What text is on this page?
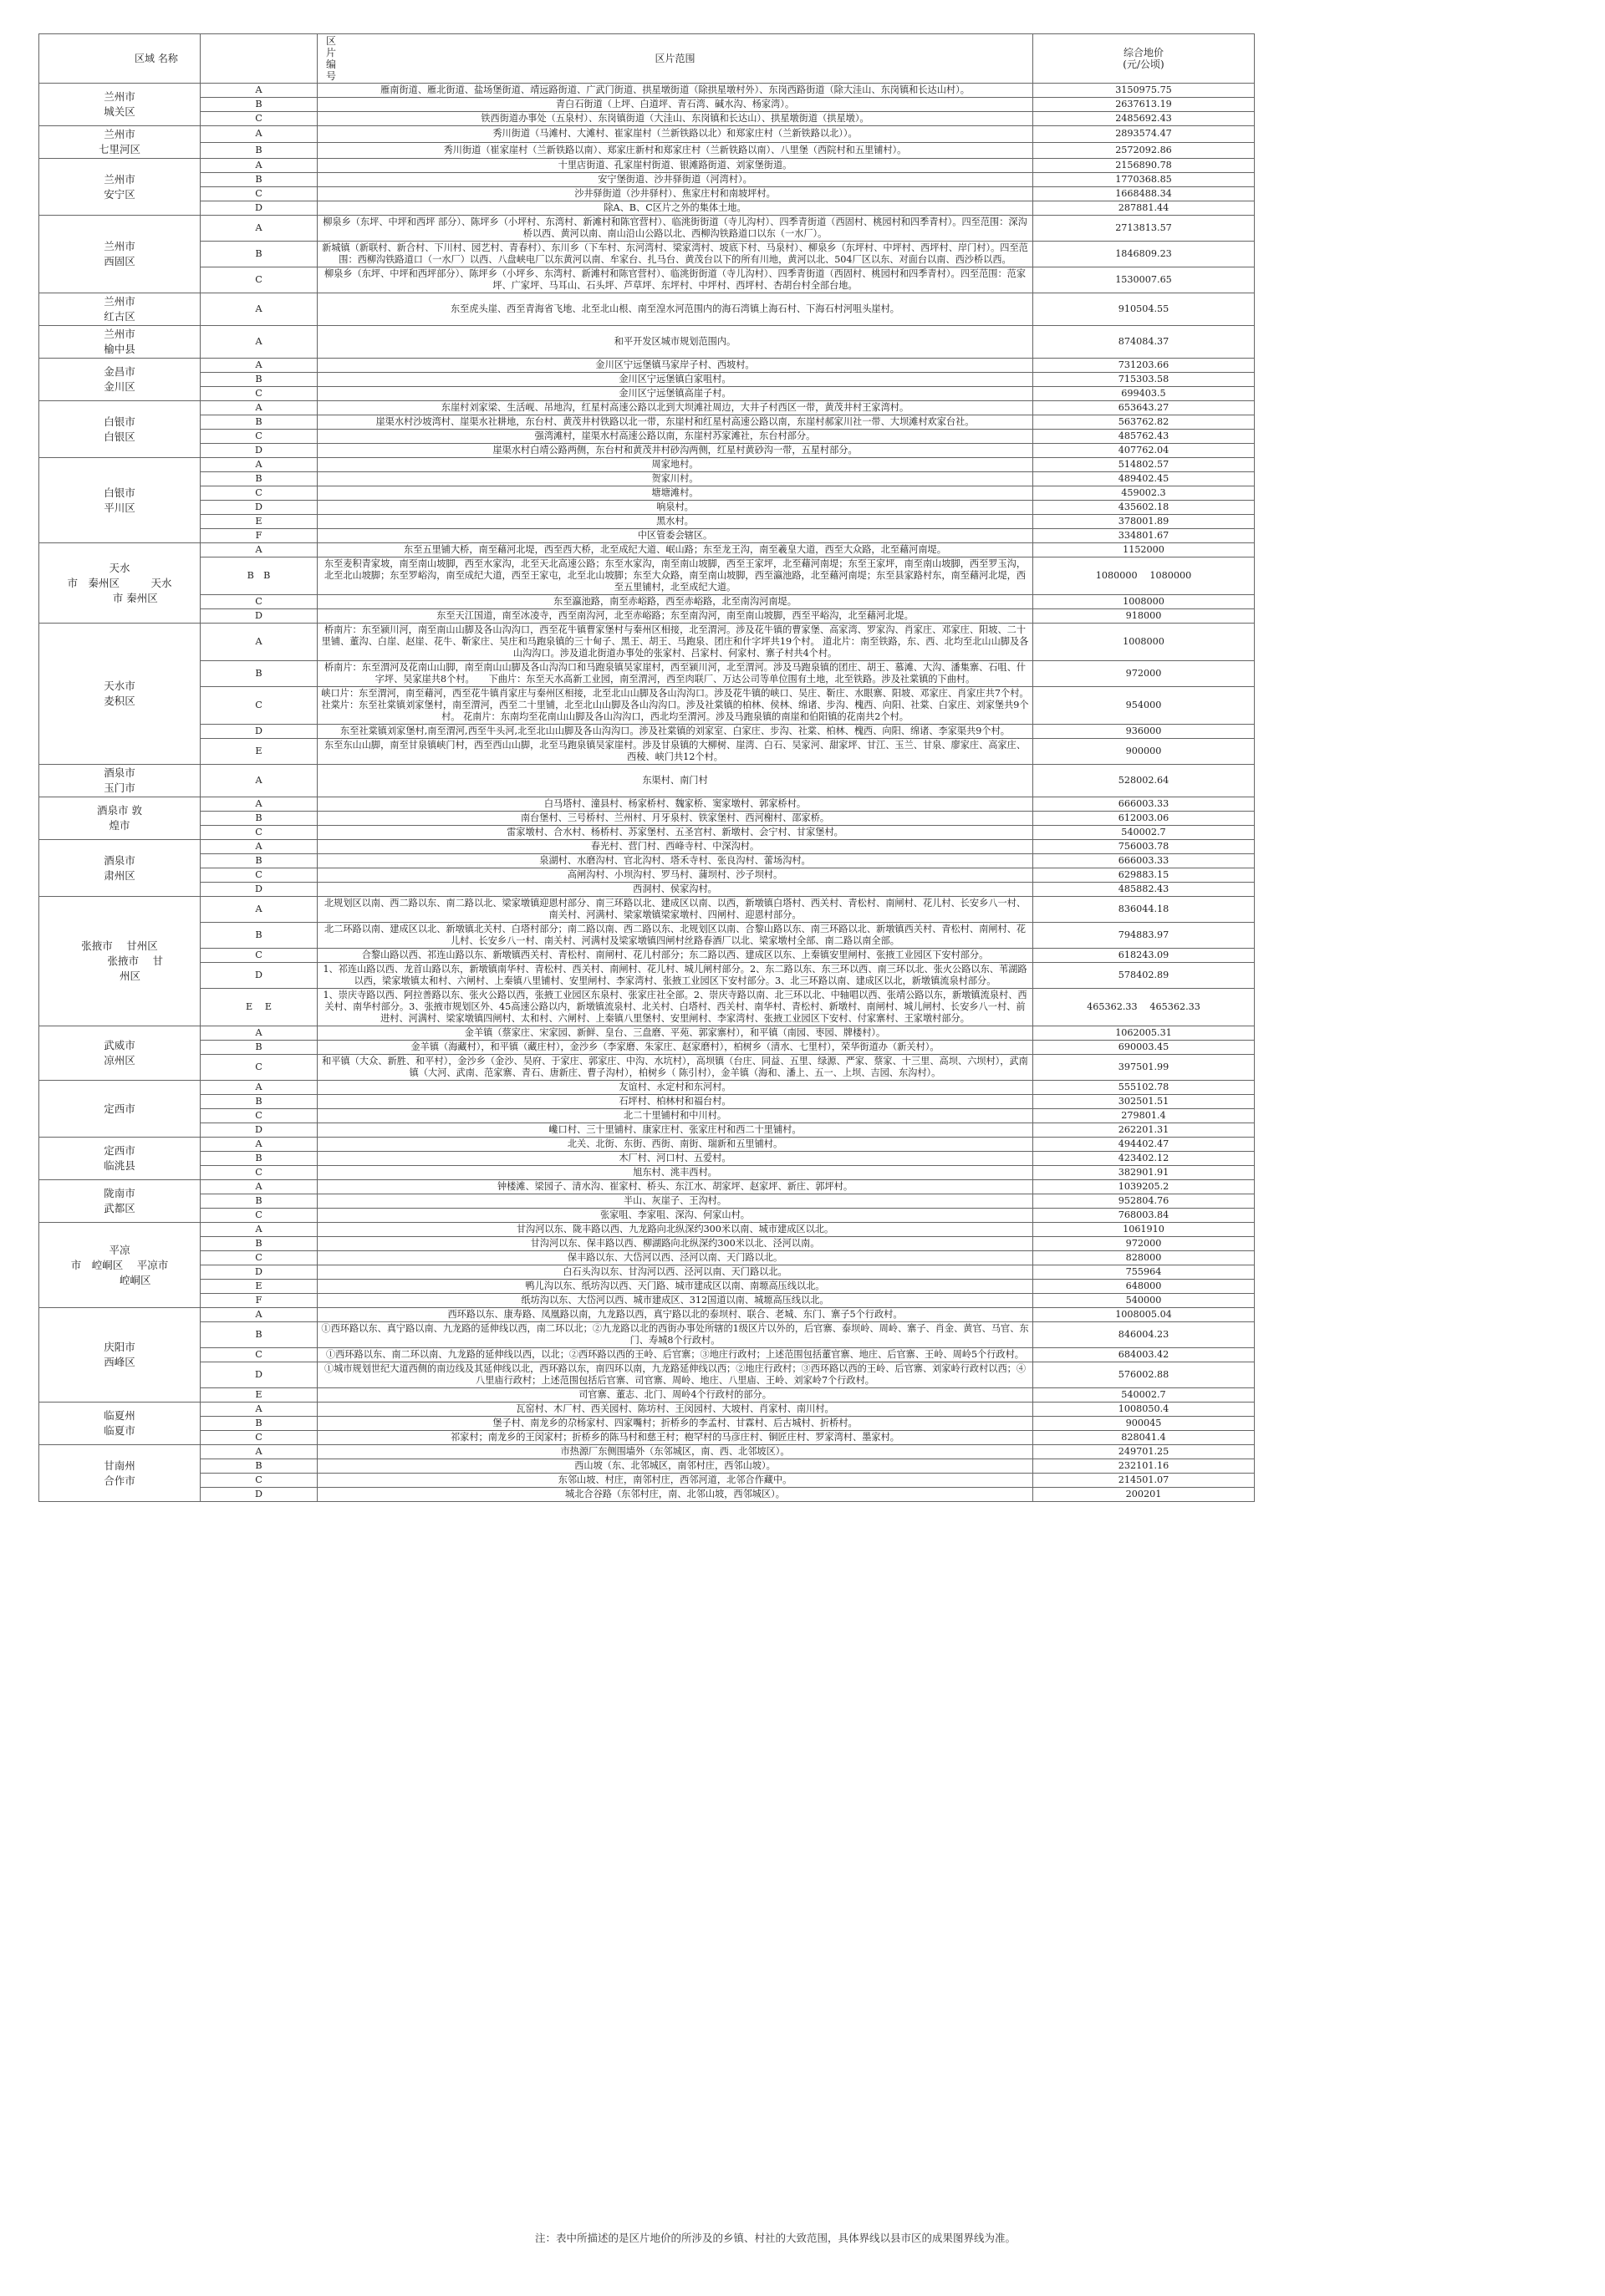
区域 名称	区片 编
号	区片范围	综合地价
(元/公顷)
兰州市
城关区	A	雁南街道、雁北街道、盐场堡街道、靖远路街道、广武门街道、拱星墩街道（除拱星墩村外）、东岗西路街道（除大洼山、东岗镇和长达山村）。	3150975.75
	B	青白石街道（上坪、白道坪、青石湾、碱水沟、杨家湾）。	2637613.19
	C	铁西街道办事处（五泉村）、东岗镇街道（大洼山、东岗镇和长达山）、拱星墩街道（拱星墩）。	2485692.43
兰州市
七里河区	A	秀川街道（马滩村、大滩村、崔家崖村（兰新铁路以北）和郑家庄村（兰新铁路以北））。	2893574.47
	B	秀川街道（崔家崖村（兰新铁路以南）、郑家庄新村和郑家庄村（兰新铁路以南）、八里堡（西院村和五里铺村）。	2572092.86
兰州市
安宁区	A	十里店街道、孔家崖村街道、银滩路街道、刘家堡街道。	2156890.78
	B	安宁堡街道、沙井驿街道（河湾村）。	1770368.85
	C	沙井驿街道（沙井驿村）、焦家庄村和南坡坪村。	1668488.34
	D	除A、B、C区片之外的集体土地。	287881.44
兰州市
西固区	A	柳泉乡（东坪、中坪和西坪 部分）、陈坪乡（小坪村、东湾村、新滩村和陈官营村）、临洮街街道（寺儿沟村）、四季青街道（西固村、桃园村和四季青村）。四至范围：深沟桥以西、黄河以南、南山沿山公路以北、西柳沟铁路道口以东（一水厂）。	2713813.57
	B	新城镇（新联村、新合村、下川村、园艺村、青春村）、东川乡（下车村、东河湾村、梁家湾村、坡底下村、马泉村）、柳泉乡（东坪村、中坪村、西坪村、岸门村）。四至范围：西柳沟铁路道口（一水厂）以西、八盘峡电厂以东黄河以南、牟家台、扎马台、黄茂台以下的所有川地，黄河以北、504厂区以东、对面台以南、西沙桥以西。	1846809.23
	C	柳泉乡（东坪、中坪和西坪部分）、陈坪乡（小坪乡、东湾村、新滩村和陈官营村）、临洮街街道（寺儿沟村）、四季青街道（西固村、桃园村和四季青村）。四至范围：范家坪、广家坪、马耳山、石头坪、芦草坪、东坪村、中坪村、西坪村、杏胡台村全部台地。	1530007.65
兰州市
红古区	A	东至虎头崖、西至青海省飞地、北至北山根、南至湟水河范围内的海石湾镇上海石村、下海石村河咀头崖村。	910504.55
兰州市
榆中县	A	和平开发区城市规划范围内。	874084.37
金昌市
金川区	A	金川区宁远堡镇马家岸子村、西坡村。	731203.66
	B	金川区宁远堡镇白家咀村。	715303.58
	C	金川区宁远堡镇高崖子村。	699403.5
白银市
白银区	A	东崖村刘家梁、生活岘、吊地沟，红星村高速公路以北到大坝滩社周边，大井子村西区一带，黄茂井村王家湾村。	653643.27
	B	崖渠水村沙坡湾村、崖渠水社耕地，东台村、黄茂井村铁路以北一带，东崖村和红星村高速公路以南，东崖村郝家川社一带、大坝滩村欢家台社。	563762.82
	C	强湾滩村，崖渠水村高速公路以南，东崖村苏家滩社，东台村部分。	485762.43
	D	崖渠水村白靖公路两侧，东台村和黄茂井村砂沟两侧，红星村黄砂沟一带，五星村部分。	407762.04
白银市
平川区	A	周家地村。	514802.57
	B	贺家川村。	489402.45
	C	塘塘滩村。	459002.3
	D	响泉村。	435602.18
	E	黑水村。	378001.89
	F	中区管委会辖区。	334801.67
天水
市　秦州区　　　天水
　　　市 秦州区	A	东至五里铺大桥，南至藉河北堤，西至西大桥，北至成纪大道、岷山路；东至龙王沟，南至羲皇大道，西至大众路，北至藉河南堤。	1152000
	B　B	东至麦积青家坡，南至南山坡脚，西至水家沟，北至天北高速公路；东至水家沟，南至南山坡脚，西至王家坪，北至藉河南堤；东至王家坪，南至南山坡脚，西至罗玉沟，北至北山坡脚；东至罗峪沟，南至成纪大道，西至王家屯，北至北山坡脚；东至大众路，南至南山坡脚，西至瀛池路，北至藉河南堤；东至县家路村东，南至藉河北堤，西至五里铺村，北至成纪大道。	1080000　 1080000
	C	东至瀛池路，南至赤峪路，西至赤峪路，北至南沟河南堤。	1008000
	D	东至天江国道，南至冰凌寺，西至南沟河，北至赤峪路；东至南沟河，南至南山坡脚，西至平峪沟，北至藉河北堤。	918000
天水市
麦积区	A	桥南片：东至颍川河，南至南山山脚及各山沟沟口，西至花牛镇曹家堡村与秦州区相接，北至渭河。涉及花牛镇的曹家堡、高家湾、罗家沟、肖家庄、邓家庄、阳坡、二十里铺、董沟、白崖、赵崖、花牛、靳家庄、吴庄和马跑泉镇的三十甸子、黑王、胡王、马跑泉、团庄和什字坪共19个村。 道北片：南至铁路，东、西、北均至北山山脚及各山沟沟口。涉及道北街道办事处的张家村、吕家村、何家村、寨子村共4个村。	1008000
	B	桥南片：东至渭河及花南山山脚，南至南山山脚及各山沟沟口和马跑泉镇吴家崖村，西至颍川河，北至渭河。涉及马跑泉镇的团庄、胡王、慕滩、大沟、潘集寨、石咀、什字坪、吴家崖共8个村。　　下曲片：东至天水高新工业园，南至渭河，西至肉联厂、万达公司等单位围有土地，北至铁路。涉及社棠镇的下曲村。	972000
	C	峡口片：东至渭河，南至藉河，西至花牛镇肖家庄与秦州区相接，北至北山山脚及各山沟沟口。涉及花牛镇的峡口、吴庄、靳庄、水眼寨、阳坡、邓家庄、肖家庄共7个村。 社棠片：东至社棠镇刘家堡村，南至渭河，西至二十里铺，北至北山山脚及各山沟沟口。涉及社棠镇的柏林、侯林、绵诸、步沟、槐西、向阳、社棠、白家庄、刘家堡共9个村。 花南片：东南均至花南山山脚及各山沟沟口，西北均至渭河。涉及马跑泉镇的南崖和伯阳镇的花南共2个村。	954000
	D	东至社棠镇刘家堡村,南至渭河,西至牛头河,北至北山山脚及各山沟沟口。涉及社棠镇的刘家室、白家庄、步沟、社棠、柏林、槐西、向阳、绵诸、李家渠共9个村。	936000
	E	东至东山山脚，南至甘泉镇峡门村，西至西山山脚，北至马跑泉镇吴家崖村。涉及甘泉镇的大柳树、崖湾、白石、吴家河、甜家坪、甘江、玉兰、甘泉、廖家庄、高家庄、西稜、峡门共12个村。	900000
酒泉市
玉门市	A	东渠村、南门村	528002.64
酒泉市 敦
煌市	A	白马塔村、潼县村、杨家桥村、魏家桥、窦家墩村、郭家桥村。	666003.33
	B	南台堡村、三号桥村、兰州村、月牙泉村、铁家堡村、西河榭村、邵家桥。	612003.06
	C	雷家墩村、合水村、杨桥村、苏家堡村、五圣宫村、新墩村、会宁村、甘家堡村。	540002.7
酒泉市
肃州区	A	春光村、营门村、西峰寺村、中深沟村。	756003.78
	B	泉湖村、水磨沟村、官北沟村、塔禾寺村、张良沟村、蕾场沟村。	666003.33
	C	高闸沟村、小坝沟村、罗马村、蒲坝村、沙子坝村。	629883.15
	D	西洞村、侯家沟村。	485882.43
张掖市　 甘州区
　　　张掖市　 甘
　　州区	A	北规划区以南、西二路以东、南二路以北、梁家墩镇迎恩村部分、南三环路以北、建成区以南、以西，新墩镇白塔村、西关村、青松村、南闸村、花儿村、长安乡八一村、南关村、河满村、梁家墩镇梁家墩村、四闸村、迎恩村部分。	836044.18
	B	北二环路以南、建成区以北、新墩镇北关村、白塔村部分；南二路以南、西二路以东、北规划区以南、合黎山路以东、南三环路以北、新墩镇西关村、青松村、南闸村、花儿村、长安乡八一村、南关村、河满村及梁家墩镇四闸村丝路春酒厂以北、梁家墩村全部、南二路以南全部。	794883.97
	C	合黎山路以西、祁连山路以东、新墩镇西关村、青松村、南闸村、花儿村部分；东二路以西、建成区以东、上秦镇安里闸村、张掖工业园区下安村部分。	618243.09
	D	1、祁连山路以西、龙首山路以东，新墩镇南华村、青松村、西关村、南闸村、花儿村、城儿闸村部分。2、东二路以东、东三环以西、南三环以北、张火公路以东、苇湖路以西，梁家墩镇太和村、六闸村、上秦镇八里铺村、安里闸村、李家湾村、张掖工业园区下安村部分。3、北三环路以南、建成区以北，新墩镇流泉村部分。	578402.89
	E　 E	1、崇庆寺路以西、阿拉善路以东、张火公路以西，张掖工业园区东泉村、张家庄社全部。2、崇庆寺路以南、北三环以北、中轴唱以西、张靖公路以东，新墩镇流泉村、西关村、南华村部分。3、张掖市规划区外、45高速公路以内，新墩镇流泉村、北关村、白塔村、西关村、南华村、青松村、新墩村、南闸村、城儿闸村、长安乡八一村、前进村、河满村、梁家墩镇四闸村、太和村、六闸村、上秦镇八里堡村、安里闸村、李家湾村、张掖工业园区下安村、付家寨村、王家墩村部分。	465362.33　 465362.33
武威市
凉州区	A	金羊镇（蔡家庄、宋家园、新鲜、皇台、三盘磨、平苑、郭家寨村），和平镇（南园、枣园、牌楼村）。	1062005.31
	B	金羊镇（海藏村），和平镇（藏庄村），金沙乡（李家磨、朱家庄、赵家磨村），柏树乡（清水、七里村），荣华街道办（新关村）。	690003.45
	C	和平镇（大众、新胜、和平村），金沙乡（金沙、吴府、于家庄、郭家庄、中沟、水坑村），高坝镇（台庄、同益、五里、绿源、严家、蔡家、十三里、高坝、六坝村），武南镇（大河、武南、范家寨、青石、唐新庄、曹子沟村），柏树乡（ 陈引村），金羊镇（海和、潘上、五一、上坝、吉园、东沟村）。	397501.99
定西市	A	友谊村、永定村和东河村。	555102.78
	B	石坪村、柏林村和福台村。	302501.51
	C	北二十里铺村和中川村。	279801.4
	D	巉口村、三十里铺村、康家庄村、张家庄村和西二十里铺村。	262201.31
定西市
临洮县	A	北关、北街、东街、西街、南街、瑞新和五里铺村。	494402.47
	B	木厂村、河口村、五爱村。	423402.12
	C	旭东村、洮丰西村。	382901.91
陇南市
武都区	A	钟楼滩、梁园子、清水沟、崔家村、桥头、东江水、胡家坪、赵家坪、新庄、郭坪村。	1039205.2
	B	半山、灰崖子、王沟村。	952804.76
	C	张家咀、李家咀、深沟、何家山村。	768003.84
平凉
市　崆峒区　 平凉市
　　　崆峒区	A	甘沟河以东、陇丰路以西、九龙路向北纵深约300米以南、城市建成区以北。	1061910
	B	甘沟河以东、保丰路以西、柳湖路向北纵深约300米以北、泾河以南。	972000
	C	保丰路以东、大岱河以西、泾河以南、天门路以北。	828000
	D	白石头沟以东、甘沟河以西、泾河以南、天门路以北。	755964
	E	鸭儿沟以东、纸坊沟以西、天门路、城市建成区以南、南塬高压线以北。	648000
	F	纸坊沟以东、大岱河以西、城市建成区、312国道以南、城塬高压线以北。	540000
庆阳市
西峰区	A	西环路以东、康寿路、凤凰路以南，九龙路以西，真宁路以北的泰坝村、联合、老城、东门、寨子5个行政村。	1008005.04
	B	①西环路以东、真宁路以南、九龙路的延伸线以西，南二环以北；②九龙路以北的西街办事处所辖的1级区片以外的，后官寨、泰坝岭、周岭、寨子、肖金、黄官、马官、东门、寿城8个行政村。	846004.23
	C	①西环路以东、南二环以南、九龙路的延伸线以西，以北；②西环路以西的王岭、后官寨；③地庄行政村；上述范围包括董官寨、地庄、后官寨、王岭、周岭5个行政村。	684003.42
	D	①城市规划世纪大道西侧的南边线及其延伸线以北，西环路以东，南四环以南，九龙路延伸线以西；②地庄行政村；③西环路以西的王岭、后官寨、刘家岭行政村以西；④八里庙行政村；上述范围包括后官寨、司官寨、周岭、地庄、八里庙、王岭、刘家岭7个行政村。	576002.88
	E	司官寨、董志、北门、周岭4个行政村的部分。	540002.7
临夏州
临夏市	A	瓦窑村、木厂村、西关园村、陈坊村、王闵园村、大坡村、肖家村、南川村。	1008050.4
	B	堡子村、南龙乡的尕杨家村、四家嘴村；折桥乡的李孟村、甘霖村、后古城村、折桥村。	900045
	C	祁家村；南龙乡的王闵家村；折桥乡的陈马村和慈王村；枹罕村的马彦庄村、铜匠庄村、罗家湾村、墨家村。	828041.4
甘南州
合作市	A	市热源厂东侧围墙外（东邻城区，南、西、北邻坡区）。	249701.25
	B	西山坡（东、北邻城区，南邻村庄，西邻山坡）。	232101.16
	C	东邻山坡、村庄，南邻村庄，西邻河道，北邻合作藏中。	214501.07
	D	城北合谷路（东邻村庄，南、北邻山坡，西邻城区）。	200201
注：表中所描述的是区片地价的所涉及的乡镇、村社的大致范围，具体界线以县市区的成果图界线为准。
